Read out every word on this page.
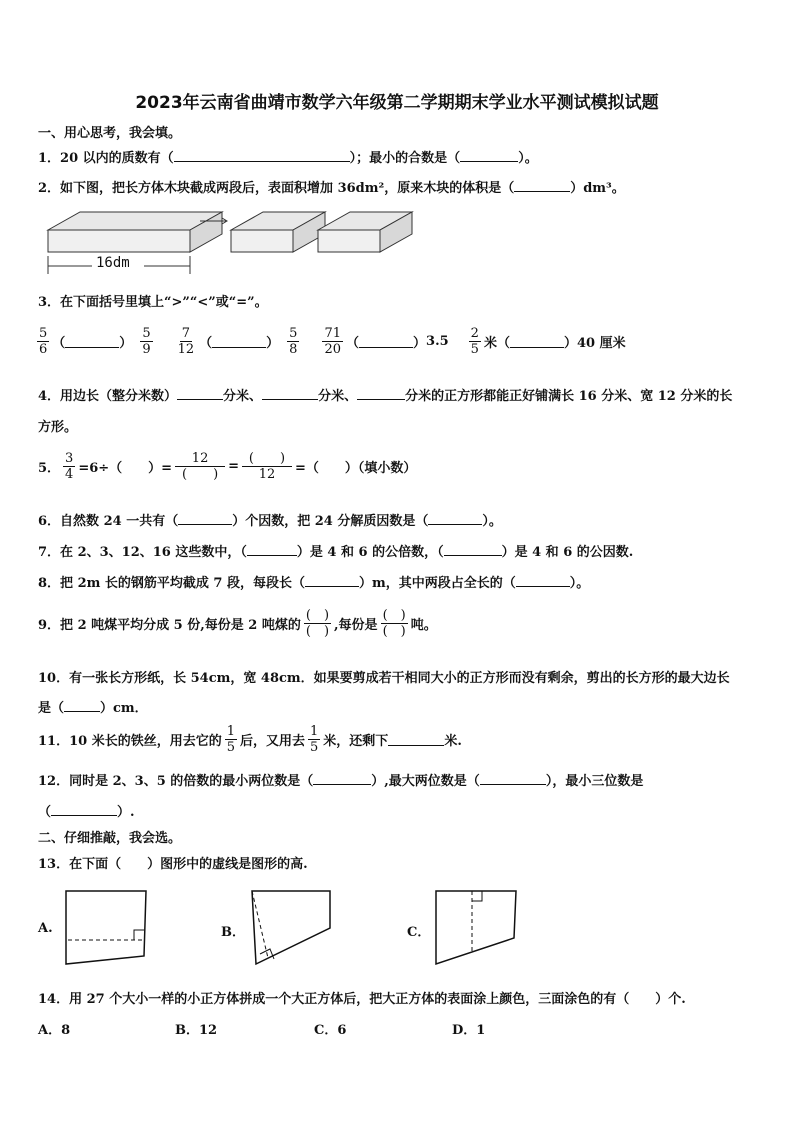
2023年云南省曲靖市数学六年级第二学期期末学业水平测试模拟试题
一、用心思考，我会填。
1．20 以内的质数有（	）；最小的合数是（	）。
2．如下图，把长方体木块截成两段后，表面积增加 36dm²，原来木块的体积是（	）dm³。
16dm
3．在下面括号里填上“>”“<”或“=”。
$\frac{5}{6}$ （	） $\frac{5}{9} \frac{7}{12}$ （	） $\frac{5}{8} \frac{71}{20}$ （	） $3.5 \frac{2}{5}$ 米 （	） 40 厘米
4．用边长（整分米数）	分米、	分米、	分米的正方形都能正好铺满长 16 分米、宽 12 分米的长
方形。
5． $\frac{3}{4} =6\div$（ ）= $\frac{12}{( )} = \frac{( )}{12}$ =（ ）（填小数）
6．自然数 24 一共有（	）个因数，把 24 分解质因数是（	）。
7．在 2、3、12、16 这些数中，（	）是 4 和 6 的公倍数，（	）是 4 和 6 的公因数.
8．把 2m 长的钢筋平均截成 7 段，每段长（	）m，其中两段占全长的（	）。
9．把 2 吨煤平均分成 5 份,每份是 2 吨煤的 $\frac{( )}{( )}$ ,每份是 $\frac{( )}{( )}$ 吨。
10．有一张长方形纸，长 54cm，宽 48cm．如果要剪成若干相同大小的正方形而没有剩余，剪出的长方形的最大边长
是（	）cm．
11．10 米长的铁丝，用去它的 $\frac{1}{5}$ 后，又用去 $\frac{1}{5}$ 米，还剩下	米.
12．同时是 2、3、5 的倍数的最小两位数是（	）,最大两位数是（	），最小三位数是
（	）.
二、仔细推敲，我会选。
13．在下面（　　）图形中的虚线是图形的高.
A.	B．	C．
14．用 27 个大小一样的小正方体拼成一个大正方体后，把大正方体的表面涂上颜色，三面涂色的有（　　）个.
A．8	B．12	C．6	D．1
